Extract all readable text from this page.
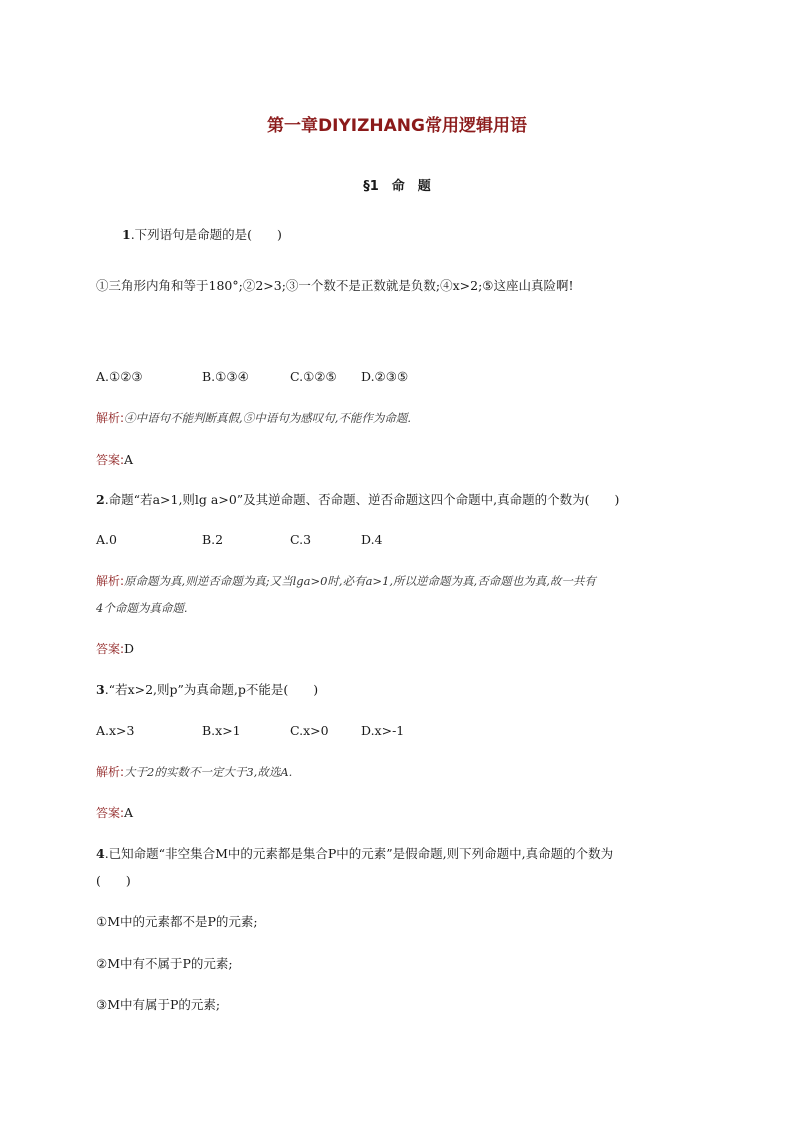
第一章DIYIZHANG常用逻辑用语
§1　命　题
1.下列语句是命题的是(　　)
①三角形内角和等于180°;②2>3;③一个数不是正数就是负数;④x>2;⑤这座山真险啊!
A.①②③	B.①③④	C.①②⑤ D.②③⑤
解析:④中语句不能判断真假,⑤中语句为感叹句,不能作为命题.
答案:A
2.命题“若a>1,则lg a>0”及其逆命题、否命题、逆否命题这四个命题中,真命题的个数为(　　)
A.0	B.2	C.3	D.4
解析:原命题为真,则逆否命题为真;又当lga>0时,必有a>1,所以逆命题为真,否命题也为真,故一共有
4个命题为真命题.
答案:D
3.“若x>2,则p”为真命题,p不能是(　　)
A.x>3	B.x>1	C.x>0	D.x>-1
解析:大于2的实数不一定大于3,故选A.
答案:A
4.已知命题“非空集合M中的元素都是集合P中的元素”是假命题,则下列命题中,真命题的个数为
(　　)
①M中的元素都不是P的元素;
②M中有不属于P的元素;
③M中有属于P的元素;
